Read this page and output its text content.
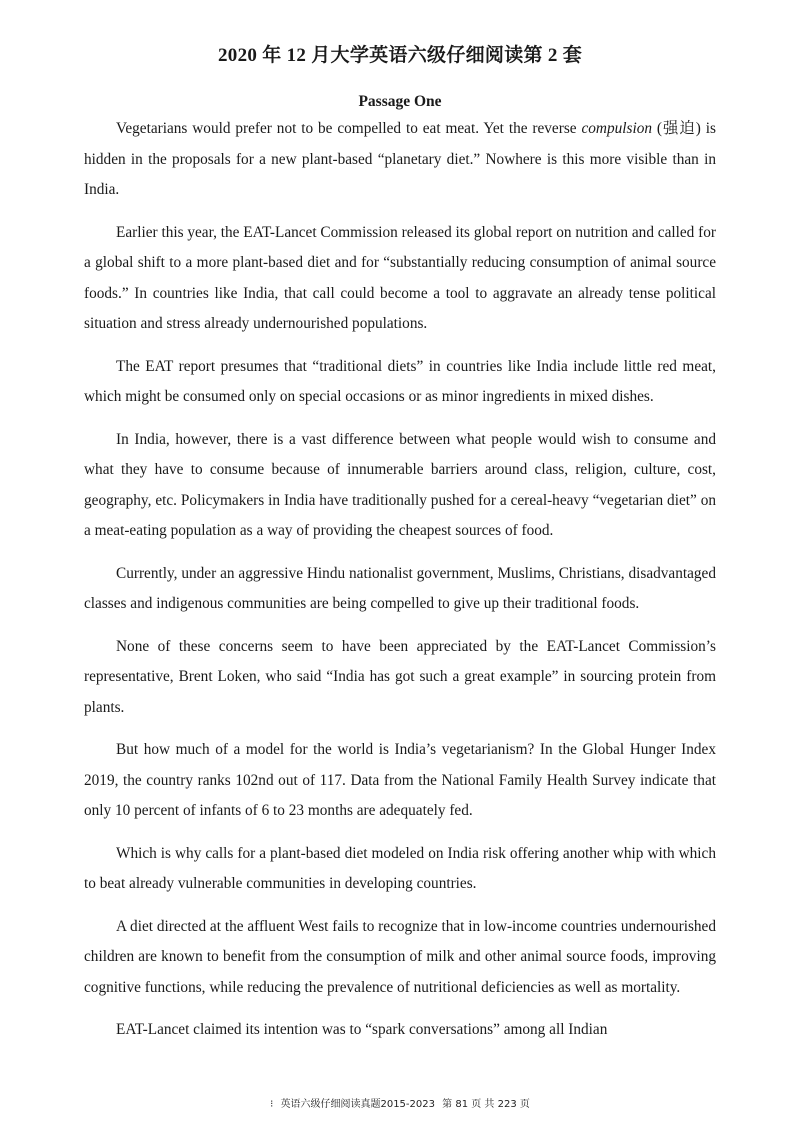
2020 年 12 月大学英语六级仔细阅读第 2 套
Passage One

Vegetarians would prefer not to be compelled to eat meat. Yet the reverse compulsion (强迫) is hidden in the proposals for a new plant-based “planetary diet.” Nowhere is this more visible than in India.

Earlier this year, the EAT-Lancet Commission released its global report on nutrition and called for a global shift to a more plant-based diet and for “substantially reducing consumption of animal source foods.” In countries like India, that call could become a tool to aggravate an already tense political situation and stress already undernourished populations.

The EAT report presumes that “traditional diets” in countries like India include little red meat, which might be consumed only on special occasions or as minor ingredients in mixed dishes.

In India, however, there is a vast difference between what people would wish to consume and what they have to consume because of innumerable barriers around class, religion, culture, cost, geography, etc. Policymakers in India have traditionally pushed for a cereal-heavy “vegetarian diet” on a meat-eating population as a way of providing the cheapest sources of food.

Currently, under an aggressive Hindu nationalist government, Muslims, Christians, disadvantaged classes and indigenous communities are being compelled to give up their traditional foods.

None of these concerns seem to have been appreciated by the EAT-Lancet Commission’s representative, Brent Loken, who said “India has got such a great example” in sourcing protein from plants.

But how much of a model for the world is India’s vegetarianism? In the Global Hunger Index 2019, the country ranks 102nd out of 117. Data from the National Family Health Survey indicate that only 10 percent of infants of 6 to 23 months are adequately fed.

Which is why calls for a plant-based diet modeled on India risk offering another whip with which to beat already vulnerable communities in developing countries.

A diet directed at the affluent West fails to recognize that in low-income countries undernourished children are known to benefit from the consumption of milk and other animal source foods, improving cognitive functions, while reducing the prevalence of nutritional deficiencies as well as mortality.

EAT-Lancet claimed its intention was to “spark conversations” among all Indian

⁝ 英语六级仔细阅读真题2015-2023 第 81 页 共 223 页
